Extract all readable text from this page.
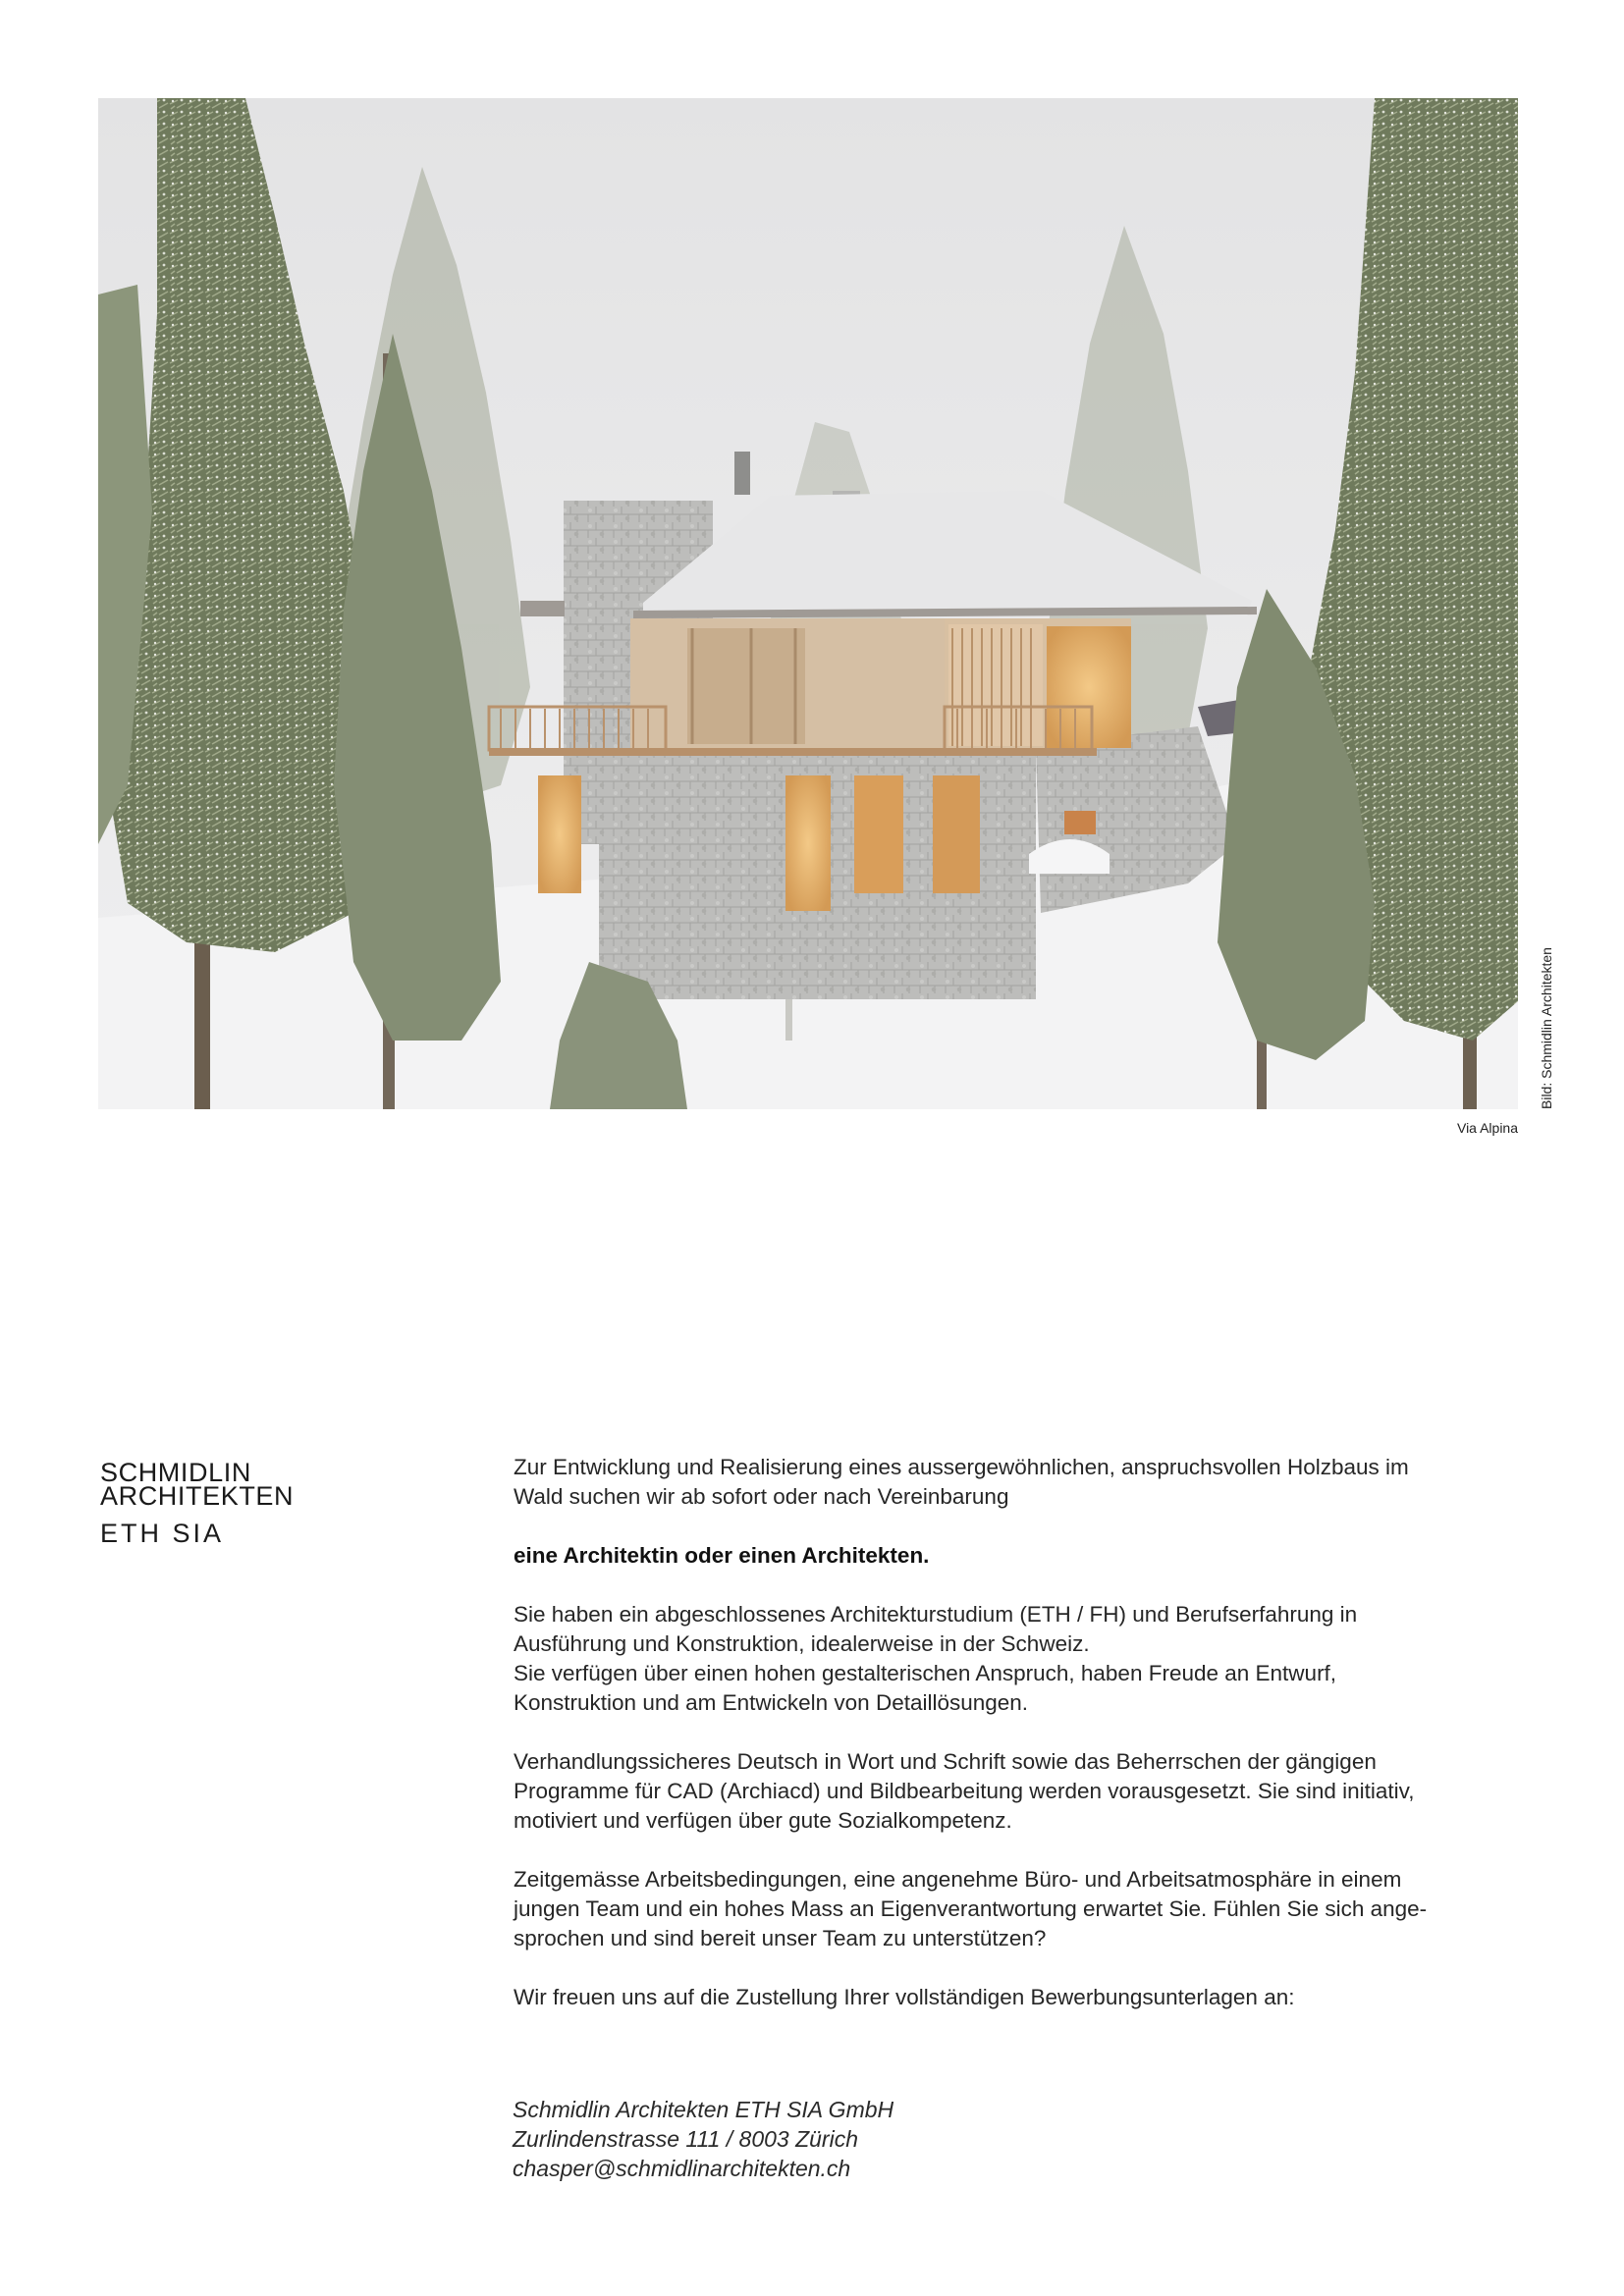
Bild: Schmidlin Architekten
Via Alpina
SCHMIDLIN
ARCHITEKTEN
ETH SIA

Zur Entwicklung und Realisierung eines aussergewöhnlichen, anspruchsvollen Holzbaus im
Wald suchen wir ab sofort oder nach Vereinbarung

eine Architektin oder einen Architekten.

Sie haben ein abgeschlossenes Architekturstudium (ETH / FH) und Berufserfahrung in
Ausführung und Konstruktion, idealerweise in der Schweiz.
Sie verfügen über einen hohen gestalterischen Anspruch, haben Freude an Entwurf,
Konstruktion und am Entwickeln von Detaillösungen.

Verhandlungssicheres Deutsch in Wort und Schrift sowie das Beherrschen der gängigen
Programme für CAD (Archiacd) und Bildbearbeitung werden vorausgesetzt. Sie sind initiativ,
motiviert und verfügen über gute Sozialkompetenz.

Zeitgemässe Arbeitsbedingungen, eine angenehme Büro- und Arbeitsatmosphäre in einem
jungen Team und ein hohes Mass an Eigenverantwortung erwartet Sie. Fühlen Sie sich ange-
sprochen und sind bereit unser Team zu unterstützen?

Wir freuen uns auf die Zustellung Ihrer vollständigen Bewerbungsunterlagen an:

Schmidlin Architekten ETH SIA GmbH
Zurlindenstrasse 111 / 8003 Zürich
chasper@schmidlinarchitekten.ch
